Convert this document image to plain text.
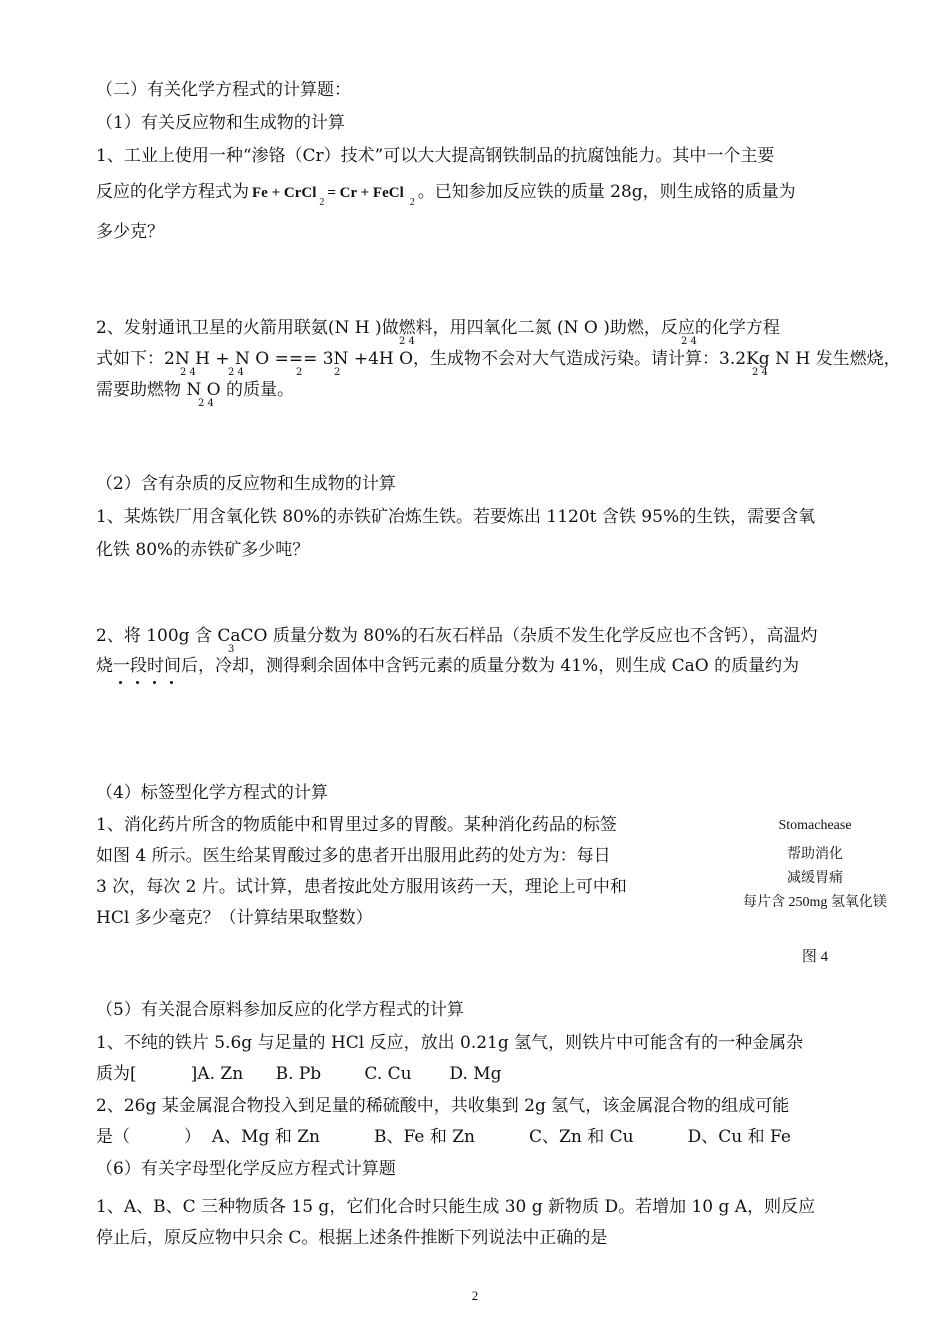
（二）有关化学方程式的计算题：
（1）有关反应物和生成物的计算
1、工业上使用一种“渗铬（Cr）技术”可以大大提高钢铁制品的抗腐蚀能力。其中一个主要
反应的化学方程式为 Fe + CrCl$_2$= Cr + FeCl$_2$。已知参加反应铁的质量 28g，则生成铬的质量为
多少克？
2、发射通讯卫星的火箭用联氨(N H )做燃料，用四氧化二氮 (N O )助燃，反应的化学方程
式如下：2N H + N O === 3N +4H O，生成物不会对大气造成污染。请计算：3.2Kg N H 发生燃烧，
需要助燃物 N O 的质量。
2 4	2 4
2 4	2 4	2	2	2 4
2 4
（2）含有杂质的反应物和生成物的计算
1、某炼铁厂用含氧化铁 80%的赤铁矿冶炼生铁。若要炼出 1120t 含铁 95%的生铁，需要含氧
化铁 80%的赤铁矿多少吨？
2、将 100g 含 CaCO 质量分数为 80%的石灰石样品（杂质不发生化学反应也不含钙），高温灼
3
烧一段时间后，冷却，测得剩余固体中含钙元素的质量分数为 41%，则生成 CaO 的质量约为
（4）标签型化学方程式的计算
1、消化药片所含的物质能中和胃里过多的胃酸。某种消化药品的标签
如图 4 所示。医生给某胃酸过多的患者开出服用此药的处方为：每日
3 次，每次 2 片。试计算，患者按此处方服用该药一天，理论上可中和
HCl 多少毫克？（计算结果取整数）
Stomachease
帮助消化
减缓胃痛
每片含 250mg 氢氧化镁
图 4
（5）有关混合原料参加反应的化学方程式的计算
1、不纯的铁片 5.6g 与足量的 HCl 反应，放出 0.21g 氢气，则铁片中可能含有的一种金属杂
质为[          ]A. Zn      B. Pb        C. Cu       D. Mg
2、26g 某金属混合物投入到足量的稀硫酸中，共收集到 2g 氢气，该金属混合物的组成可能
是（          ）  A、Mg 和 Zn          B、Fe 和 Zn          C、Zn 和 Cu          D、Cu 和 Fe
（6）有关字母型化学反应方程式计算题
1、A、B、C 三种物质各 15 g，它们化合时只能生成 30 g 新物质 D。若增加 10 g A，则反应
停止后，原反应物中只余 C。根据上述条件推断下列说法中正确的是
2
